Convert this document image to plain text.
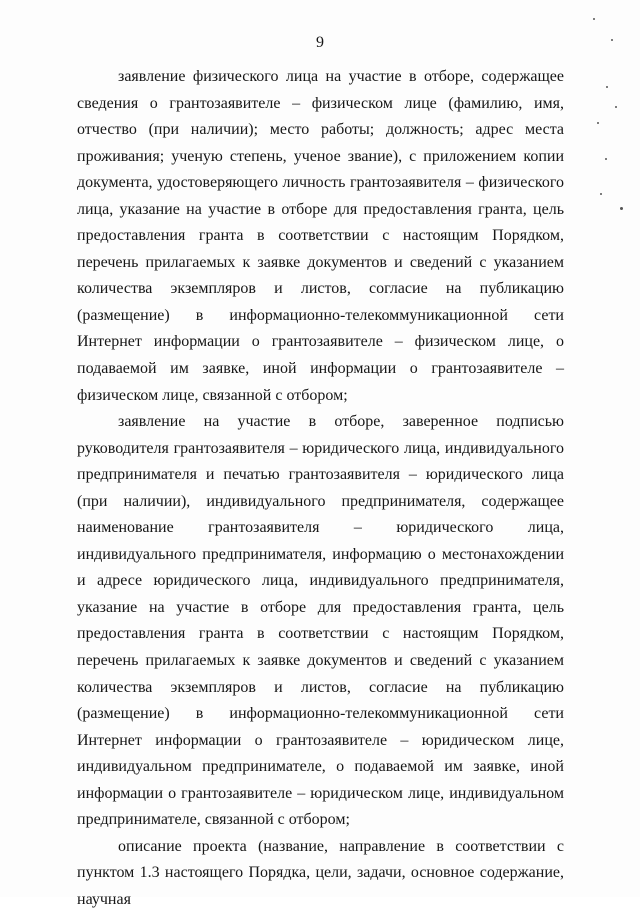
9

заявление физического лица на участие в отборе, содержащее сведения о грантозаявителе – физическом лице (фамилию, имя, отчество (при наличии); место работы; должность; адрес места проживания; ученую степень, ученое звание), с приложением копии документа, удостоверяющего личность грантозаявителя – физического лица, указание на участие в отборе для предоставления гранта, цель предоставления гранта в соответствии с настоящим Порядком, перечень прилагаемых к заявке документов и сведений с указанием количества экземпляров и листов, согласие на публикацию (размещение) в информационно-телекоммуникационной сети Интернет информации о грантозаявителе – физическом лице, о подаваемой им заявке, иной информации о грантозаявителе – физическом лице, связанной с отбором;

заявление на участие в отборе, заверенное подписью руководителя грантозаявителя – юридического лица, индивидуального предпринимателя и печатью грантозаявителя – юридического лица (при наличии), индивидуального предпринимателя, содержащее наименование грантозаявителя – юридического лица, индивидуального предпринимателя, информацию о местонахождении и адресе юридического лица, индивидуального предпринимателя, указание на участие в отборе для предоставления гранта, цель предоставления гранта в соответствии с настоящим Порядком, перечень прилагаемых к заявке документов и сведений с указанием количества экземпляров и листов, согласие на публикацию (размещение) в информационно-телекоммуникационной сети Интернет информации о грантозаявителе – юридическом лице, индивидуальном предпринимателе, о подаваемой им заявке, иной информации о грантозаявителе – юридическом лице, индивидуальном предпринимателе, связанной с отбором;

описание проекта (название, направление в соответствии с пунктом 1.3 настоящего Порядка, цели, задачи, основное содержание, научная
